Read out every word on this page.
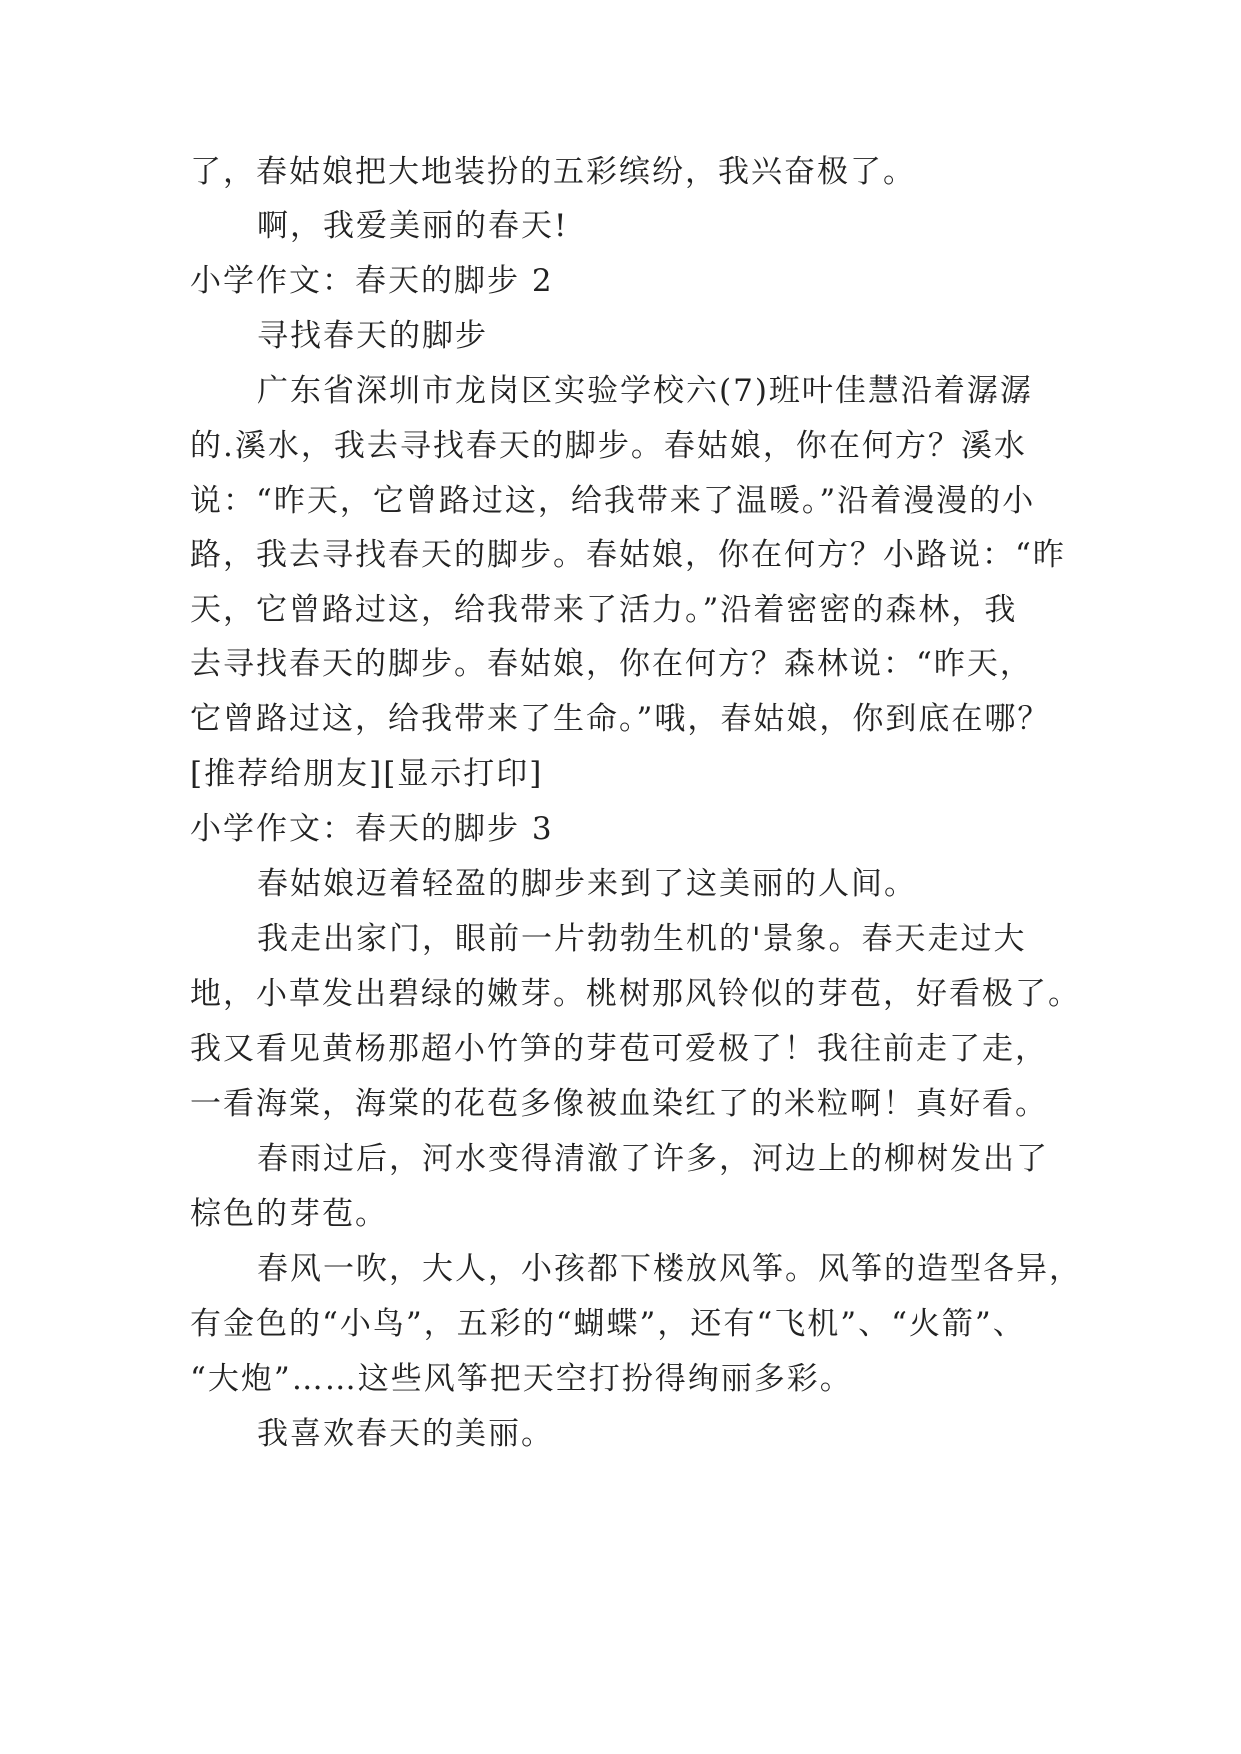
了，春姑娘把大地装扮的五彩缤纷，我兴奋极了。
啊，我爱美丽的春天!
小学作文：春天的脚步 2
寻找春天的脚步
广东省深圳市龙岗区实验学校六(7)班叶佳慧沿着潺潺
的.溪水，我去寻找春天的脚步。春姑娘，你在何方？溪水
说：“昨天，它曾路过这，给我带来了温暖。”沿着漫漫的小
路，我去寻找春天的脚步。春姑娘，你在何方？小路说：“昨
天，它曾路过这，给我带来了活力。”沿着密密的森林，我
去寻找春天的脚步。春姑娘，你在何方？森林说：“昨天，
它曾路过这，给我带来了生命。”哦，春姑娘，你到底在哪？
[推荐给朋友][显示打印]
小学作文：春天的脚步 3
春姑娘迈着轻盈的脚步来到了这美丽的人间。
我走出家门，眼前一片勃勃生机的'景象。春天走过大
地，小草发出碧绿的嫩芽。桃树那风铃似的芽苞，好看极了。
我又看见黄杨那超小竹笋的芽苞可爱极了！我往前走了走，
一看海棠，海棠的花苞多像被血染红了的米粒啊！真好看。
春雨过后，河水变得清澈了许多，河边上的柳树发出了
棕色的芽苞。
春风一吹，大人，小孩都下楼放风筝。风筝的造型各异，
有金色的“小鸟”，五彩的“蝴蝶”，还有“飞机”、“火箭”、
“大炮”……这些风筝把天空打扮得绚丽多彩。
我喜欢春天的美丽。
